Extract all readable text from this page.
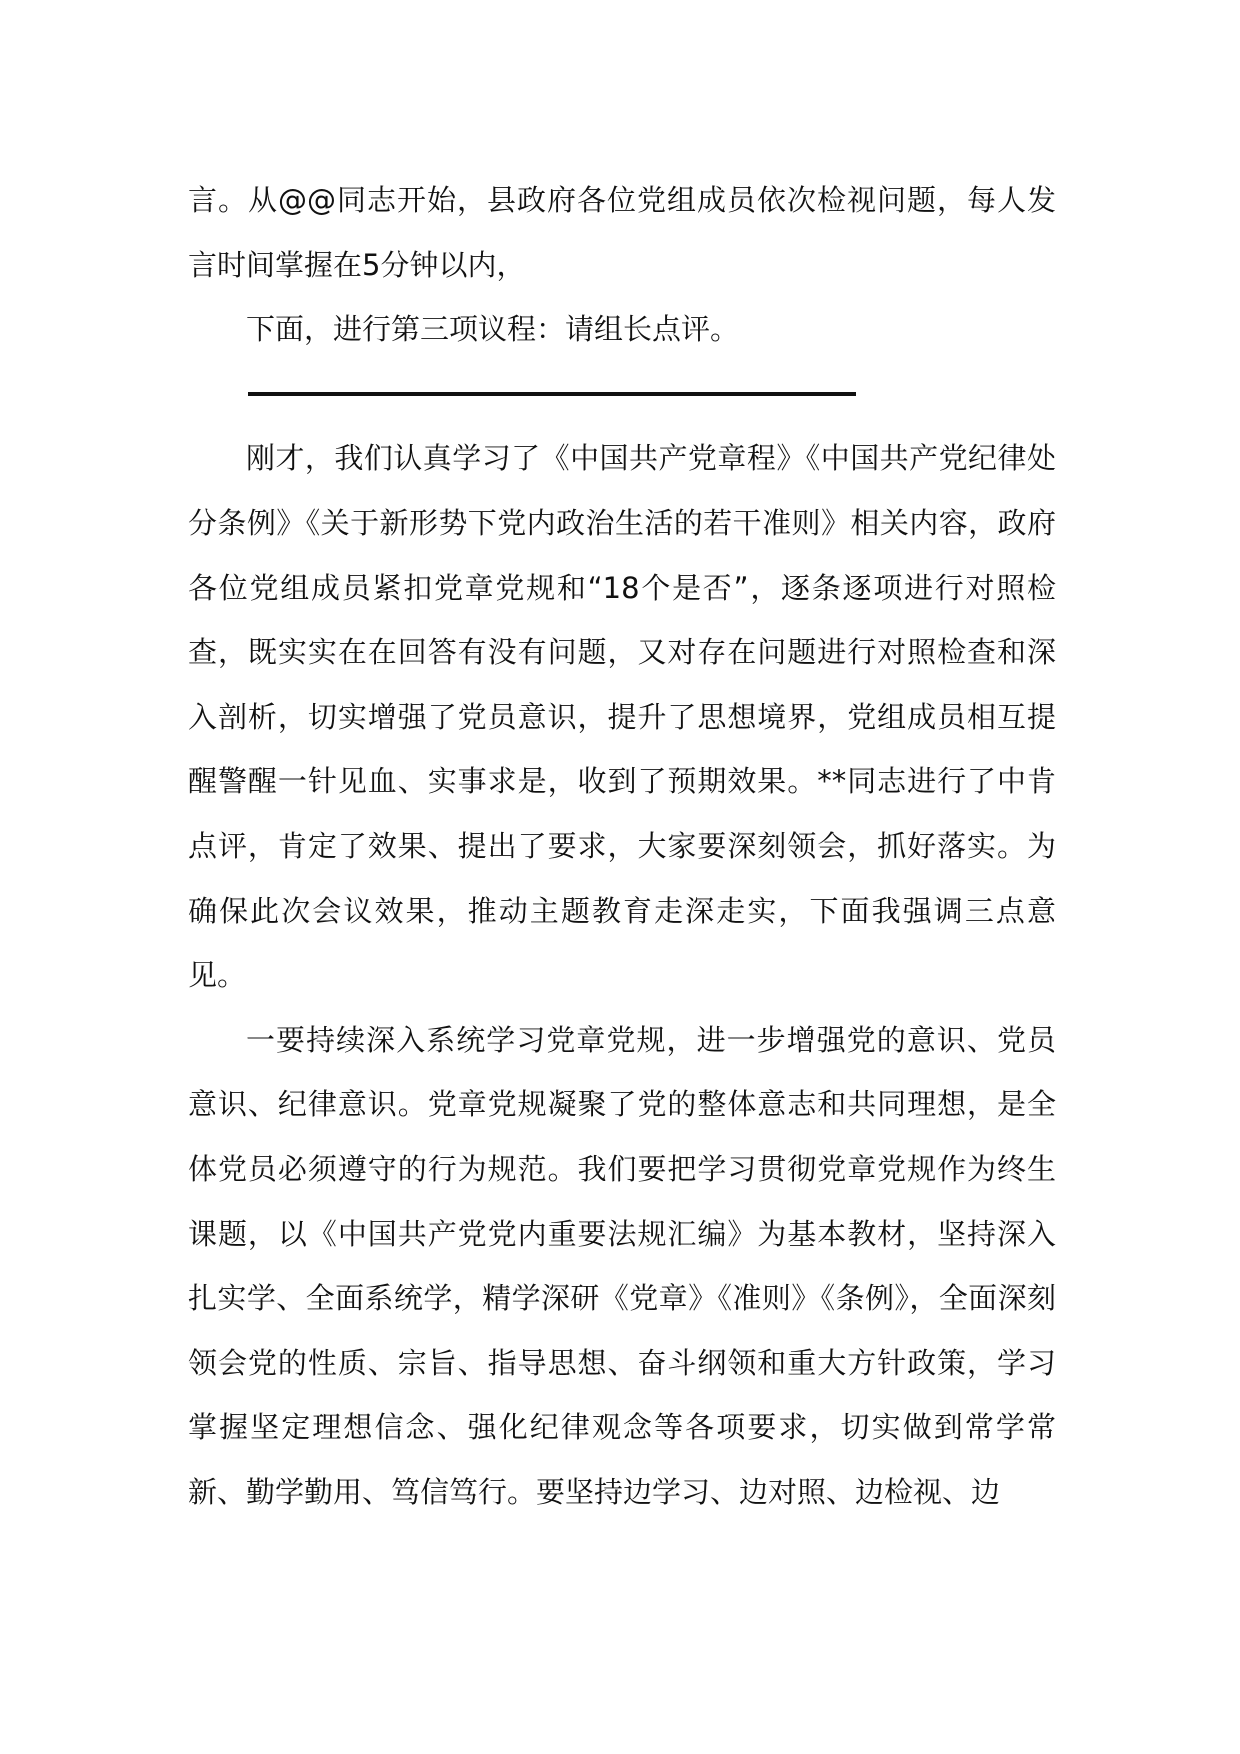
言。从@@同志开始，县政府各位党组成员依次检视问题，每人发言时间掌握在5分钟以内，

下面，进行第三项议程：请组长点评。

刚才，我们认真学习了《中国共产党章程》《中国共产党纪律处分条例》《关于新形势下党内政治生活的若干准则》相关内容，政府各位党组成员紧扣党章党规和“18个是否”，逐条逐项进行对照检查，既实实在在回答有没有问题，又对存在问题进行对照检查和深入剖析，切实增强了党员意识，提升了思想境界，党组成员相互提醒警醒一针见血、实事求是，收到了预期效果。**同志进行了中肯点评，肯定了效果、提出了要求，大家要深刻领会，抓好落实。为确保此次会议效果，推动主题教育走深走实，下面我强调三点意见。

一要持续深入系统学习党章党规，进一步增强党的意识、党员意识、纪律意识。党章党规凝聚了党的整体意志和共同理想，是全体党员必须遵守的行为规范。我们要把学习贯彻党章党规作为终生课题，以《中国共产党党内重要法规汇编》为基本教材，坚持深入扎实学、全面系统学，精学深研《党章》《准则》《条例》，全面深刻领会党的性质、宗旨、指导思想、奋斗纲领和重大方针政策，学习掌握坚定理想信念、强化纪律观念等各项要求，切实做到常学常新、勤学勤用、笃信笃行。要坚持边学习、边对照、边检视、边
